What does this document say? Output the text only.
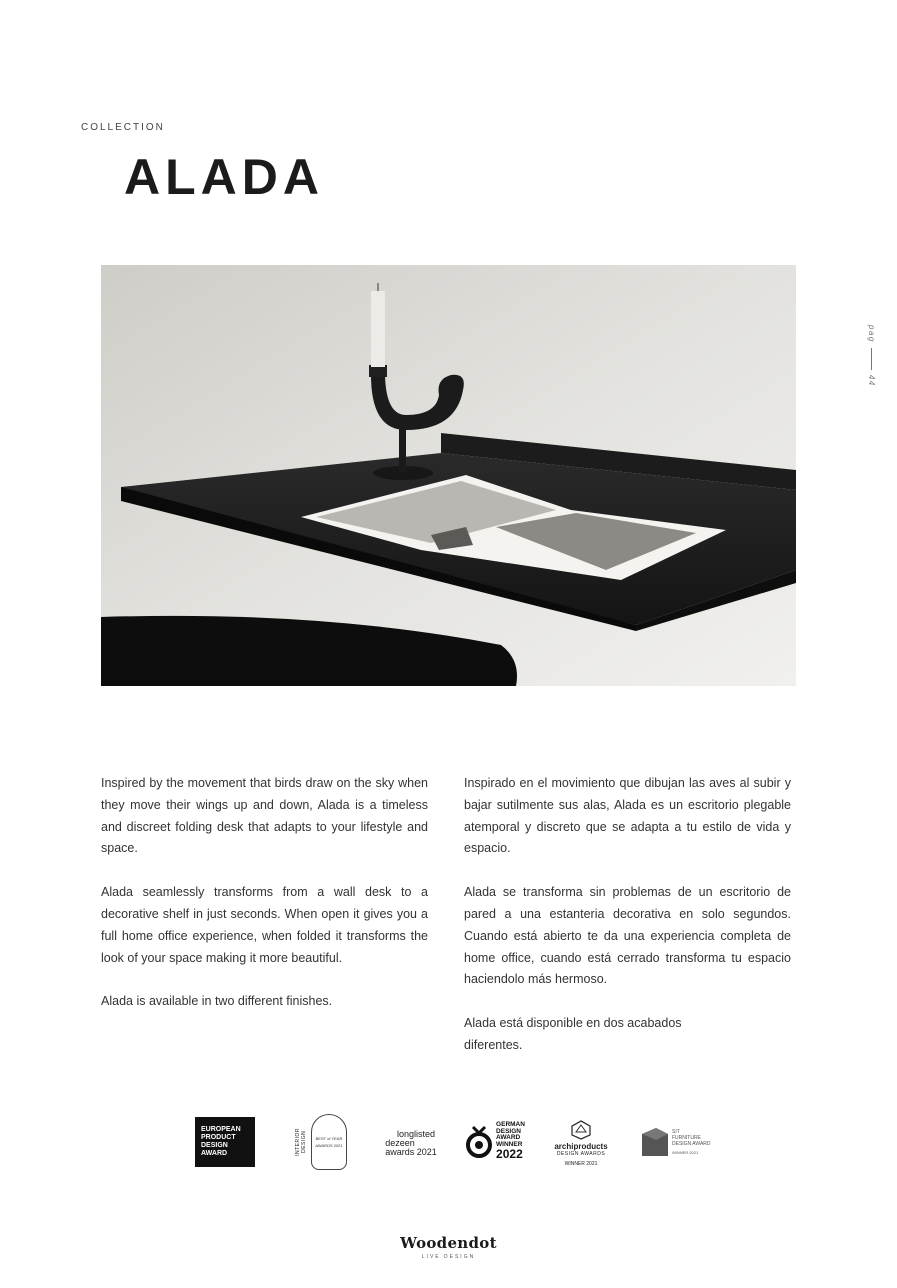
COLLECTION
ALADA
pag
44

Inspired by the movement that birds draw on the sky when they move their wings up and down, Alada is a timeless and discreet folding desk that adapts to your lifestyle and space.

Alada seamlessly transforms from a wall desk to a decorative shelf in just seconds. When open it gives you a full home office experience, when folded it transforms the look of your space making it more beautiful.

Alada is available in two different finishes.

Inspirado en el movimiento que dibujan las aves al subir y bajar sutilmente sus alas, Alada es un escritorio plegable atemporal y discreto que se adapta a tu estilo de vida y espacio.

Alada se transforma sin problemas de un escritorio de pared a una estanteria decorativa en solo segundos. Cuando está abierto te da una experiencia completa de home office, cuando está cerrado transforma tu espacio haciendolo más hermoso.

Alada está disponible en dos acabados diferentes.

EUROPEAN PRODUCT DESIGN AWARD	INTERIOR DESIGN BEST of YEAR
AWARDS 2021
longlisted
dezeen
awards 2021
GERMAN
DESIGN
AWARD
WINNER
2022
archiproducts
DESIGN AWARDS
WINNER 2021
SIT
FURNITURE
DESIGN AWARD
WINNER 2021
Woodendot
LIVE DESIGN
